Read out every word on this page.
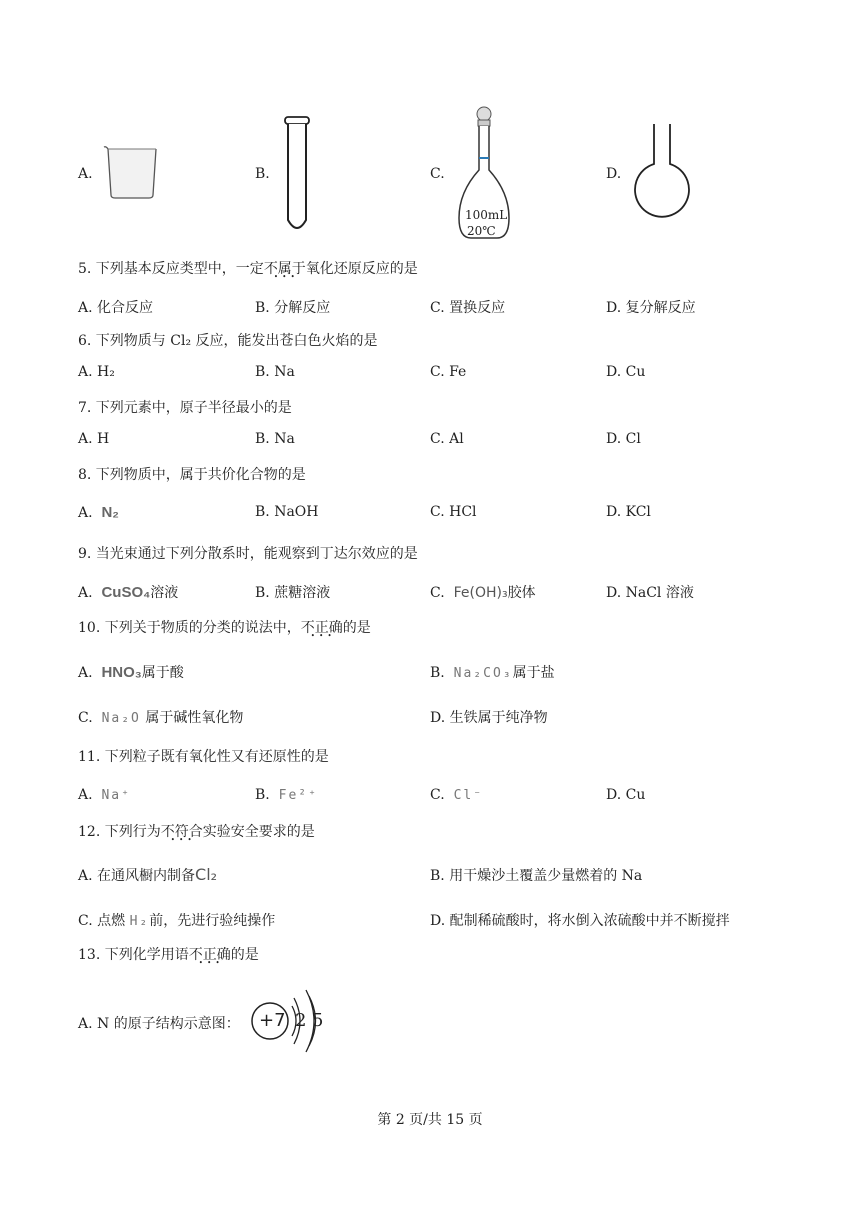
A.	B.	C.
100mL
20℃
D.
5. 下列基本反应类型中，一定不属于 • • •氧化还原反应的是
A. 化合反应	B. 分解反应	C. 置换反应	D. 复分解反应
6. 下列物质与 Cl₂ 反应，能发出苍白色火焰的是
A. H₂	B. Na	C. Fe	D. Cu
7. 下列元素中，原子半径最小的是
A. H	B. Na	C. Al	D. Cl
8. 下列物质中，属于共价化合物的是
A. N₂	B. NaOH	C. HCl	D. KCl
9. 当光束通过下列分散系时，能观察到丁达尔效应的是
A. CuSO₄溶液	B. 蔗糖溶液	C. Fe(OH)₃胶体	D. NaCl 溶液
10. 下列关于物质的分类的说法中，不正确 • • •的是
A. HNO₃属于酸	B. Na₂CO₃属于盐
C. Na₂O 属于碱性氧化物	D. 生铁属于纯净物
11. 下列粒子既有氧化性又有还原性的是
A. Na⁺	B. Fe²⁺	C. Cl⁻	D. Cu
12. 下列行为不符合 • • •实验安全要求的是
A. 在通风橱内制备Cl₂	B. 用干燥沙土覆盖少量燃着的 Na
C. 点燃 H₂前，先进行验纯操作	D. 配制稀硫酸时，将水倒入浓硫酸中并不断搅拌
13. 下列化学用语不正确 • • •的是
A. N 的原子结构示意图： +7 2 5
第 2 页/共 15 页
